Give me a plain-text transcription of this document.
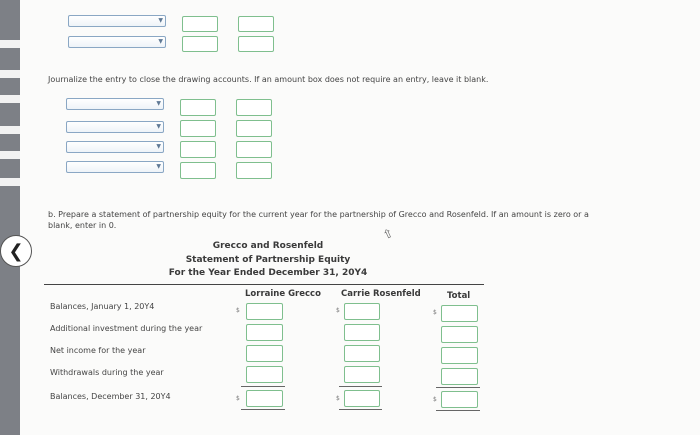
▼
▼
Journalize the entry to close the drawing accounts. If an amount box does not require an entry, leave it blank.
▼
▼
▼
▼
b. Prepare a statement of partnership equity for the current year for the partnership of Grecco and Rosenfeld. If an amount is zero or a
blank, enter in 0.
❮
⇧
Grecco and Rosenfeld
Statement of Partnership Equity
For the Year Ended December 31, 20Y4
Lorraine Grecco Carrie Rosenfeld	Total
Balances, January 1, 20Y4
Additional investment during the year
Net income for the year
Withdrawals during the year
Balances, December 31, 20Y4
$
$
$
$
$
$
